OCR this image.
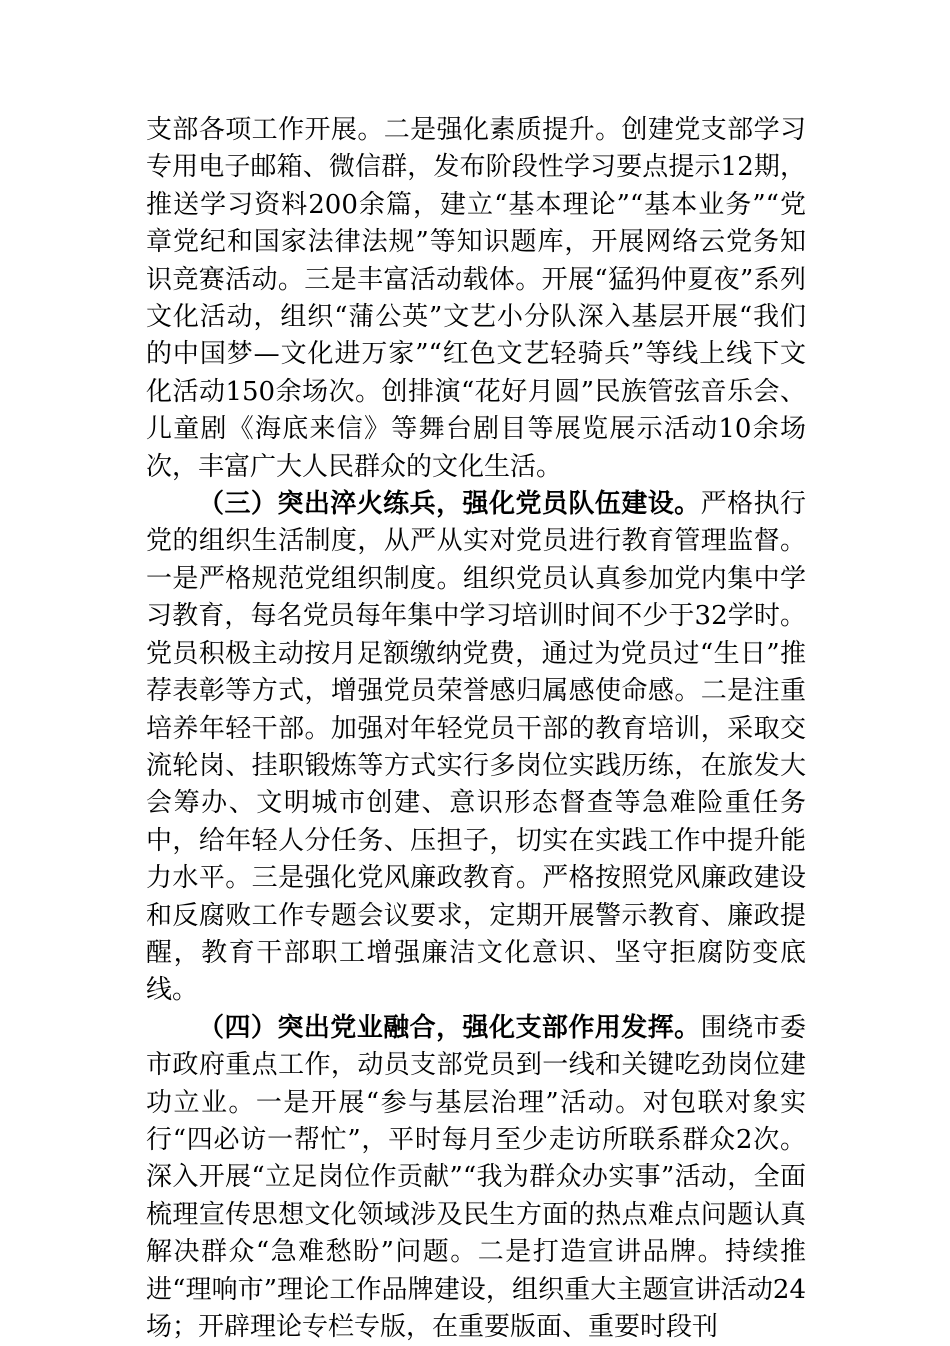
支部各项工作开展。二是强化素质提升。创建党支部学习专用电子邮箱、微信群，发布阶段性学习要点提示12期，推送学习资料200余篇，建立“基本理论”“基本业务”“党章党纪和国家法律法规”等知识题库，开展网络云党务知识竞赛活动。三是丰富活动载体。开展“猛犸仲夏夜”系列文化活动，组织“蒲公英”文艺小分队深入基层开展“我们的中国梦—文化进万家”“红色文艺轻骑兵”等线上线下文化活动150余场次。创排演“花好月圆”民族管弦音乐会、儿童剧《海底来信》等舞台剧目等展览展示活动10余场次，丰富广大人民群众的文化生活。

（三）突出淬火练兵，强化党员队伍建设。严格执行党的组织生活制度，从严从实对党员进行教育管理监督。一是严格规范党组织制度。组织党员认真参加党内集中学习教育，每名党员每年集中学习培训时间不少于32学时。党员积极主动按月足额缴纳党费，通过为党员过“生日”推荐表彰等方式，增强党员荣誉感归属感使命感。二是注重培养年轻干部。加强对年轻党员干部的教育培训，采取交流轮岗、挂职锻炼等方式实行多岗位实践历练，在旅发大会筹办、文明城市创建、意识形态督查等急难险重任务中，给年轻人分任务、压担子，切实在实践工作中提升能力水平。三是强化党风廉政教育。严格按照党风廉政建设和反腐败工作专题会议要求，定期开展警示教育、廉政提醒，教育干部职工增强廉洁文化意识、坚守拒腐防变底线。

（四）突出党业融合，强化支部作用发挥。围绕市委市政府重点工作，动员支部党员到一线和关键吃劲岗位建功立业。一是开展“参与基层治理”活动。对包联对象实行“四必访一帮忙”，平时每月至少走访所联系群众2次。深入开展“立足岗位作贡献”“我为群众办实事”活动，全面梳理宣传思想文化领域涉及民生方面的热点难点问题认真解决群众“急难愁盼”问题。二是打造宣讲品牌。持续推进“理响市”理论工作品牌建设，组织重大主题宣讲活动24场；开辟理论专栏专版，在重要版面、重要时段刊
